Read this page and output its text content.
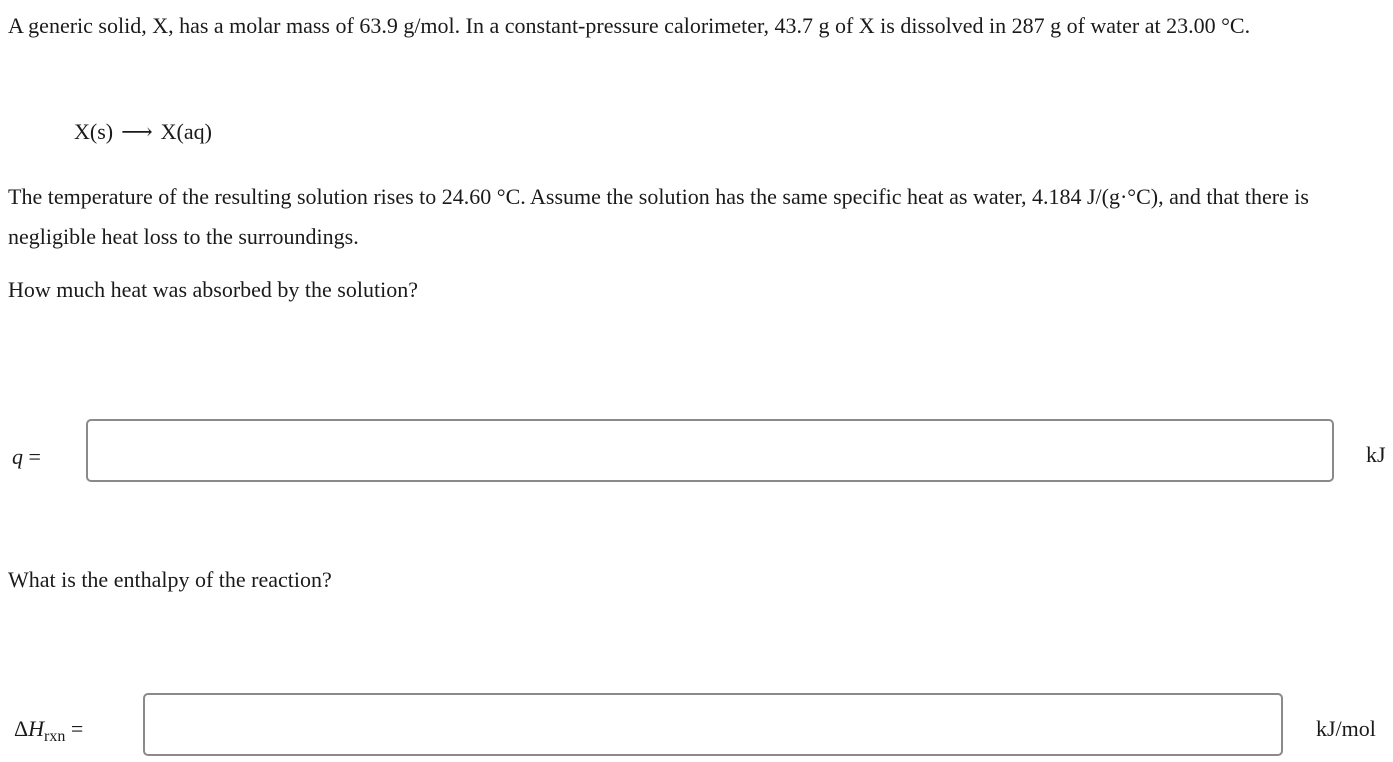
A generic solid, X, has a molar mass of 63.9 g/mol. In a constant-pressure calorimeter, 43.7 g of X is dissolved in 287 g of water at 23.00 °C.

X(s) ⟶ X(aq)

The temperature of the resulting solution rises to 24.60 °C. Assume the solution has the same specific heat as water, 4.184 J/(g·°C), and that there is negligible heat loss to the surroundings.

How much heat was absorbed by the solution?

q =	kJ

What is the enthalpy of the reaction?

$\Delta H_{rxn}$ =	kJ/mol
